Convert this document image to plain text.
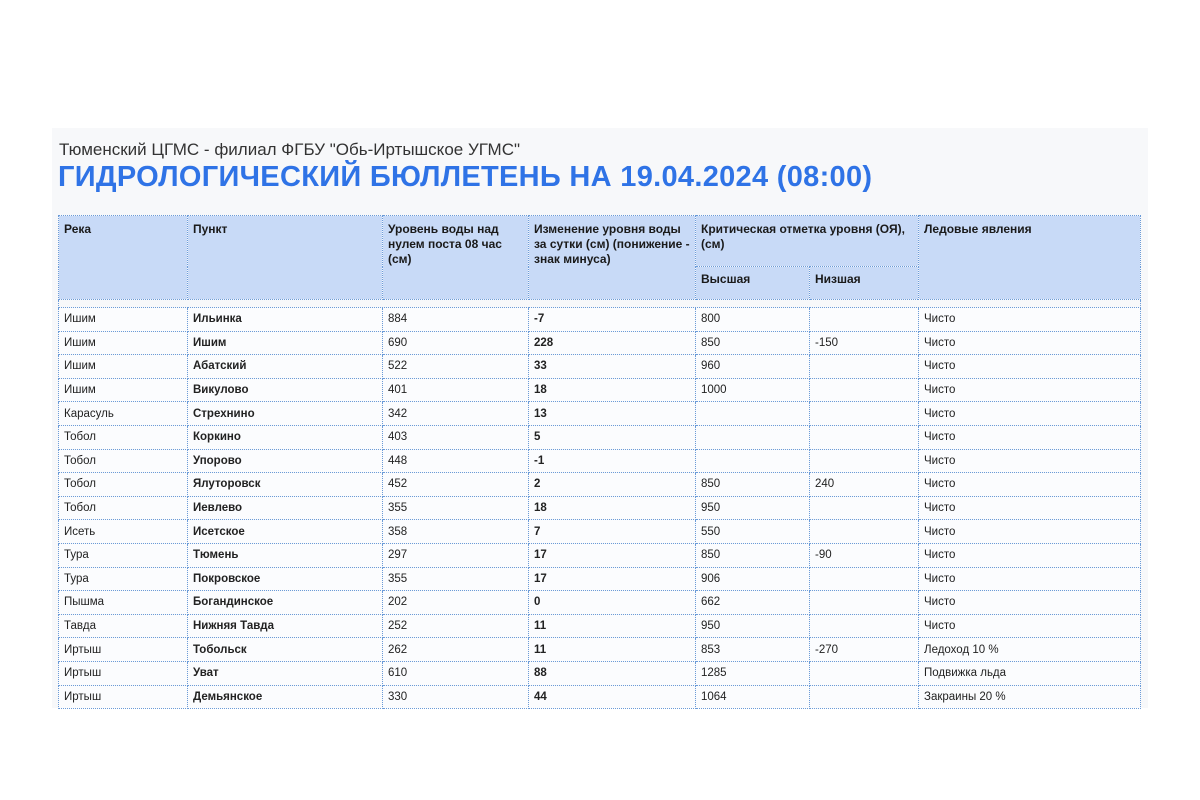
Тюменский ЦГМС - филиал ФГБУ "Обь-Иртышское УГМС"
ГИДРОЛОГИЧЕСКИЙ БЮЛЛЕТЕНЬ НА 19.04.2024 (08:00)
Река	Пункт	Уровень воды над нулем поста 08 час (см)	Изменение уровня воды за сутки (см) (понижение - знак минуса)	Критическая отметка уровня (ОЯ), (см)		Ледовые явления
				Высшая	Низшая	

Ишим	Ильинка	884	-7	800		Чисто
Ишим	Ишим	690	228	850	-150	Чисто
Ишим	Абатский	522	33	960		Чисто
Ишим	Викулово	401	18	1000		Чисто
Карасуль	Стрехнино	342	13			Чисто
Тобол	Коркино	403	5			Чисто
Тобол	Упорово	448	-1			Чисто
Тобол	Ялуторовск	452	2	850	240	Чисто
Тобол	Иевлево	355	18	950		Чисто
Исеть	Исетское	358	7	550		Чисто
Тура	Тюмень	297	17	850	-90	Чисто
Тура	Покровское	355	17	906		Чисто
Пышма	Богандинское	202	0	662		Чисто
Тавда	Нижняя Тавда	252	11	950		Чисто
Иртыш	Тобольск	262	11	853	-270	Ледоход 10 %
Иртыш	Уват	610	88	1285		Подвижка льда
Иртыш	Демьянское	330	44	1064		Закраины 20 %
